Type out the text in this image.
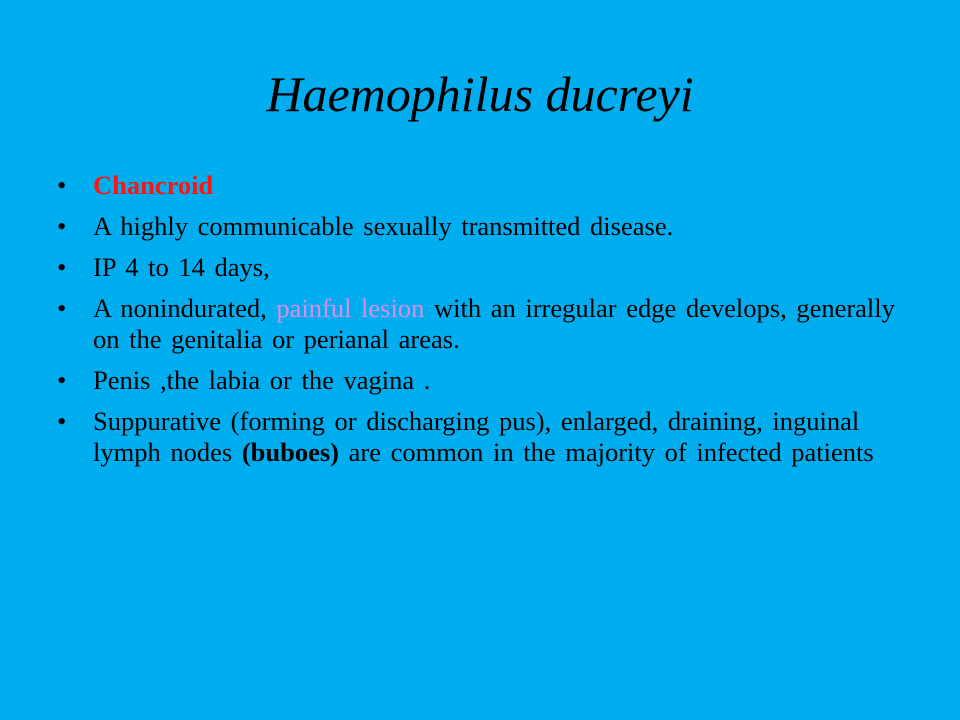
Haemophilus ducreyi
• Chancroid
• A highly communicable sexually transmitted disease.
• IP 4 to 14 days,
• A nonindurated, painful lesion with an irregular edge develops, generally on the genitalia or perianal areas.
• Penis ,the labia or the vagina .
• Suppurative (forming or discharging pus), enlarged, draining, inguinal lymph nodes (buboes) are common in the majority of infected patients
